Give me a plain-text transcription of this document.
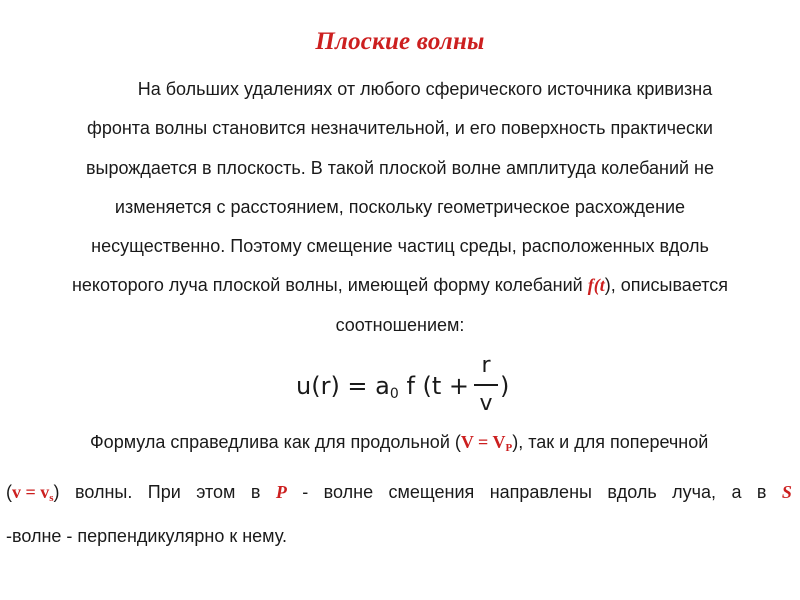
Плоские волны
На больших удалениях от любого сферического источника кривизна
фронта волны становится незначительной, и его поверхность практически
вырождается в плоскость. В такой плоской волне амплитуда колебаний не
изменяется с расстоянием, поскольку геометрическое расхождение
несущественно. Поэтому смещение частиц среды, расположенных вдоль
некоторого луча плоской волны, имеющей форму колебаний f(t), описывается
соотношением:
$u(r) = a_0$ f (t +
r
v
)
Формула справедлива как для продольной $(V = V_P)$, так и для поперечной
$(v = v_s)$ волны. При этом в P - волне смещения направлены вдоль луча, а в S
-волне - перпендикулярно к нему.
